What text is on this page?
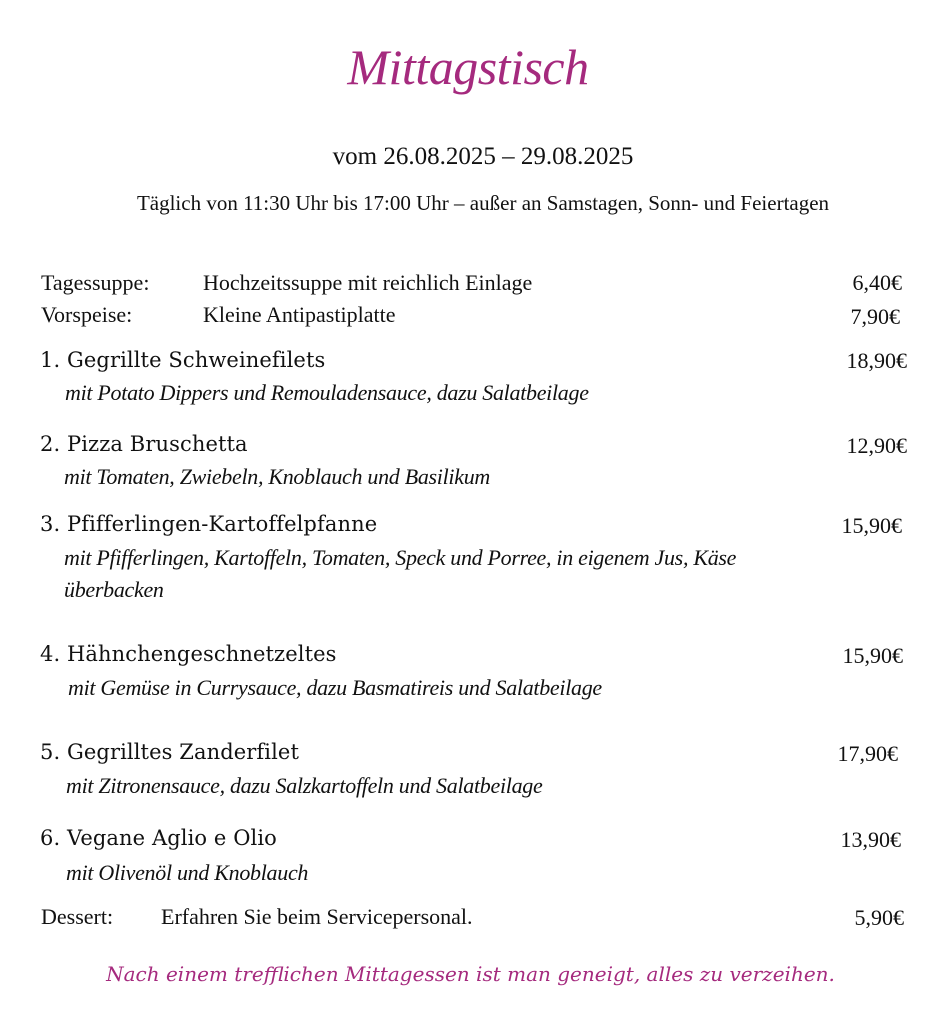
Mittagstisch
vom 26.08.2025 – 29.08.2025
Täglich von 11:30 Uhr bis 17:00 Uhr – außer an Samstagen, Sonn- und Feiertagen
Tagessuppe: Hochzeitssuppe mit reichlich Einlage	6,40€
Vorspeise:	Kleine Antipastiplatte	7,90€
1. Gegrillte Schweinefilets	18,90€
mit Potato Dippers und Remouladensauce, dazu Salatbeilage
2. Pizza Bruschetta	12,90€
mit Tomaten, Zwiebeln, Knoblauch und Basilikum
3. Pfifferlingen-Kartoffelpfanne	15,90€
mit Pfifferlingen, Kartoffeln, Tomaten, Speck und Porree, in eigenem Jus, Käse
überbacken
4. Hähnchengeschnetzeltes	15,90€
mit Gemüse in Currysauce, dazu Basmatireis und Salatbeilage
5. Gegrilltes Zanderfilet	17,90€
mit Zitronensauce, dazu Salzkartoffeln und Salatbeilage
6. Vegane Aglio e Olio	13,90€
mit Olivenöl und Knoblauch
Dessert: Erfahren Sie beim Servicepersonal.	5,90€
Nach einem trefflichen Mittagessen ist man geneigt, alles zu verzeihen.
